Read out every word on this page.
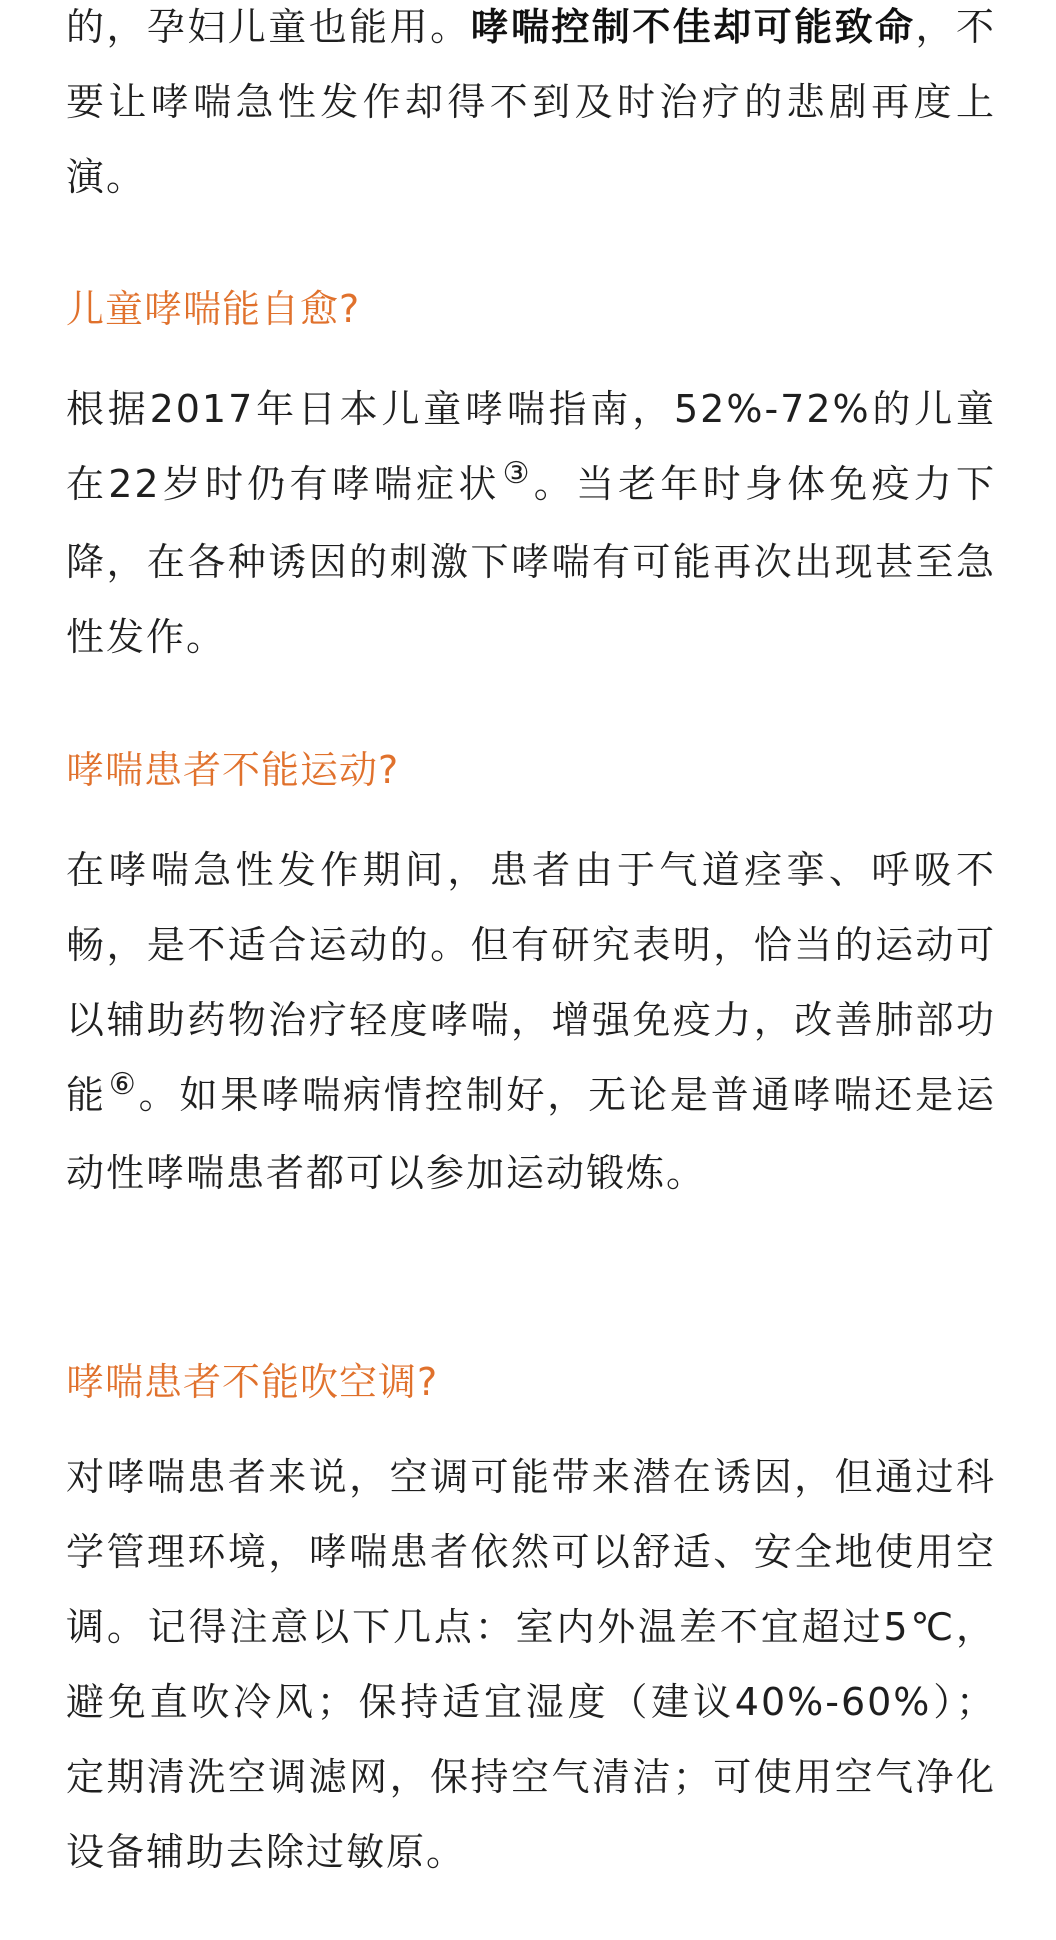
的，孕妇儿童也能用。哮喘控制不佳却可能致命，不要让哮喘急性发作却得不到及时治疗的悲剧再度上演。

儿童哮喘能自愈?

根据2017年日本儿童哮喘指南，52%-72%的儿童在22岁时仍有哮喘症状③。当老年时身体免疫力下降，在各种诱因的刺激下哮喘有可能再次出现甚至急性发作。

哮喘患者不能运动?

在哮喘急性发作期间，患者由于气道痉挛、呼吸不畅，是不适合运动的。但有研究表明，恰当的运动可以辅助药物治疗轻度哮喘，增强免疫力，改善肺部功能⑥。如果哮喘病情控制好，无论是普通哮喘还是运动性哮喘患者都可以参加运动锻炼。

哮喘患者不能吹空调?

对哮喘患者来说，空调可能带来潜在诱因，但通过科学管理环境，哮喘患者依然可以舒适、安全地使用空调。记得注意以下几点：室内外温差不宜超过5℃，避免直吹冷风；保持适宜湿度（建议40%-60%）；定期清洗空调滤网，保持空气清洁；可使用空气净化设备辅助去除过敏原。
